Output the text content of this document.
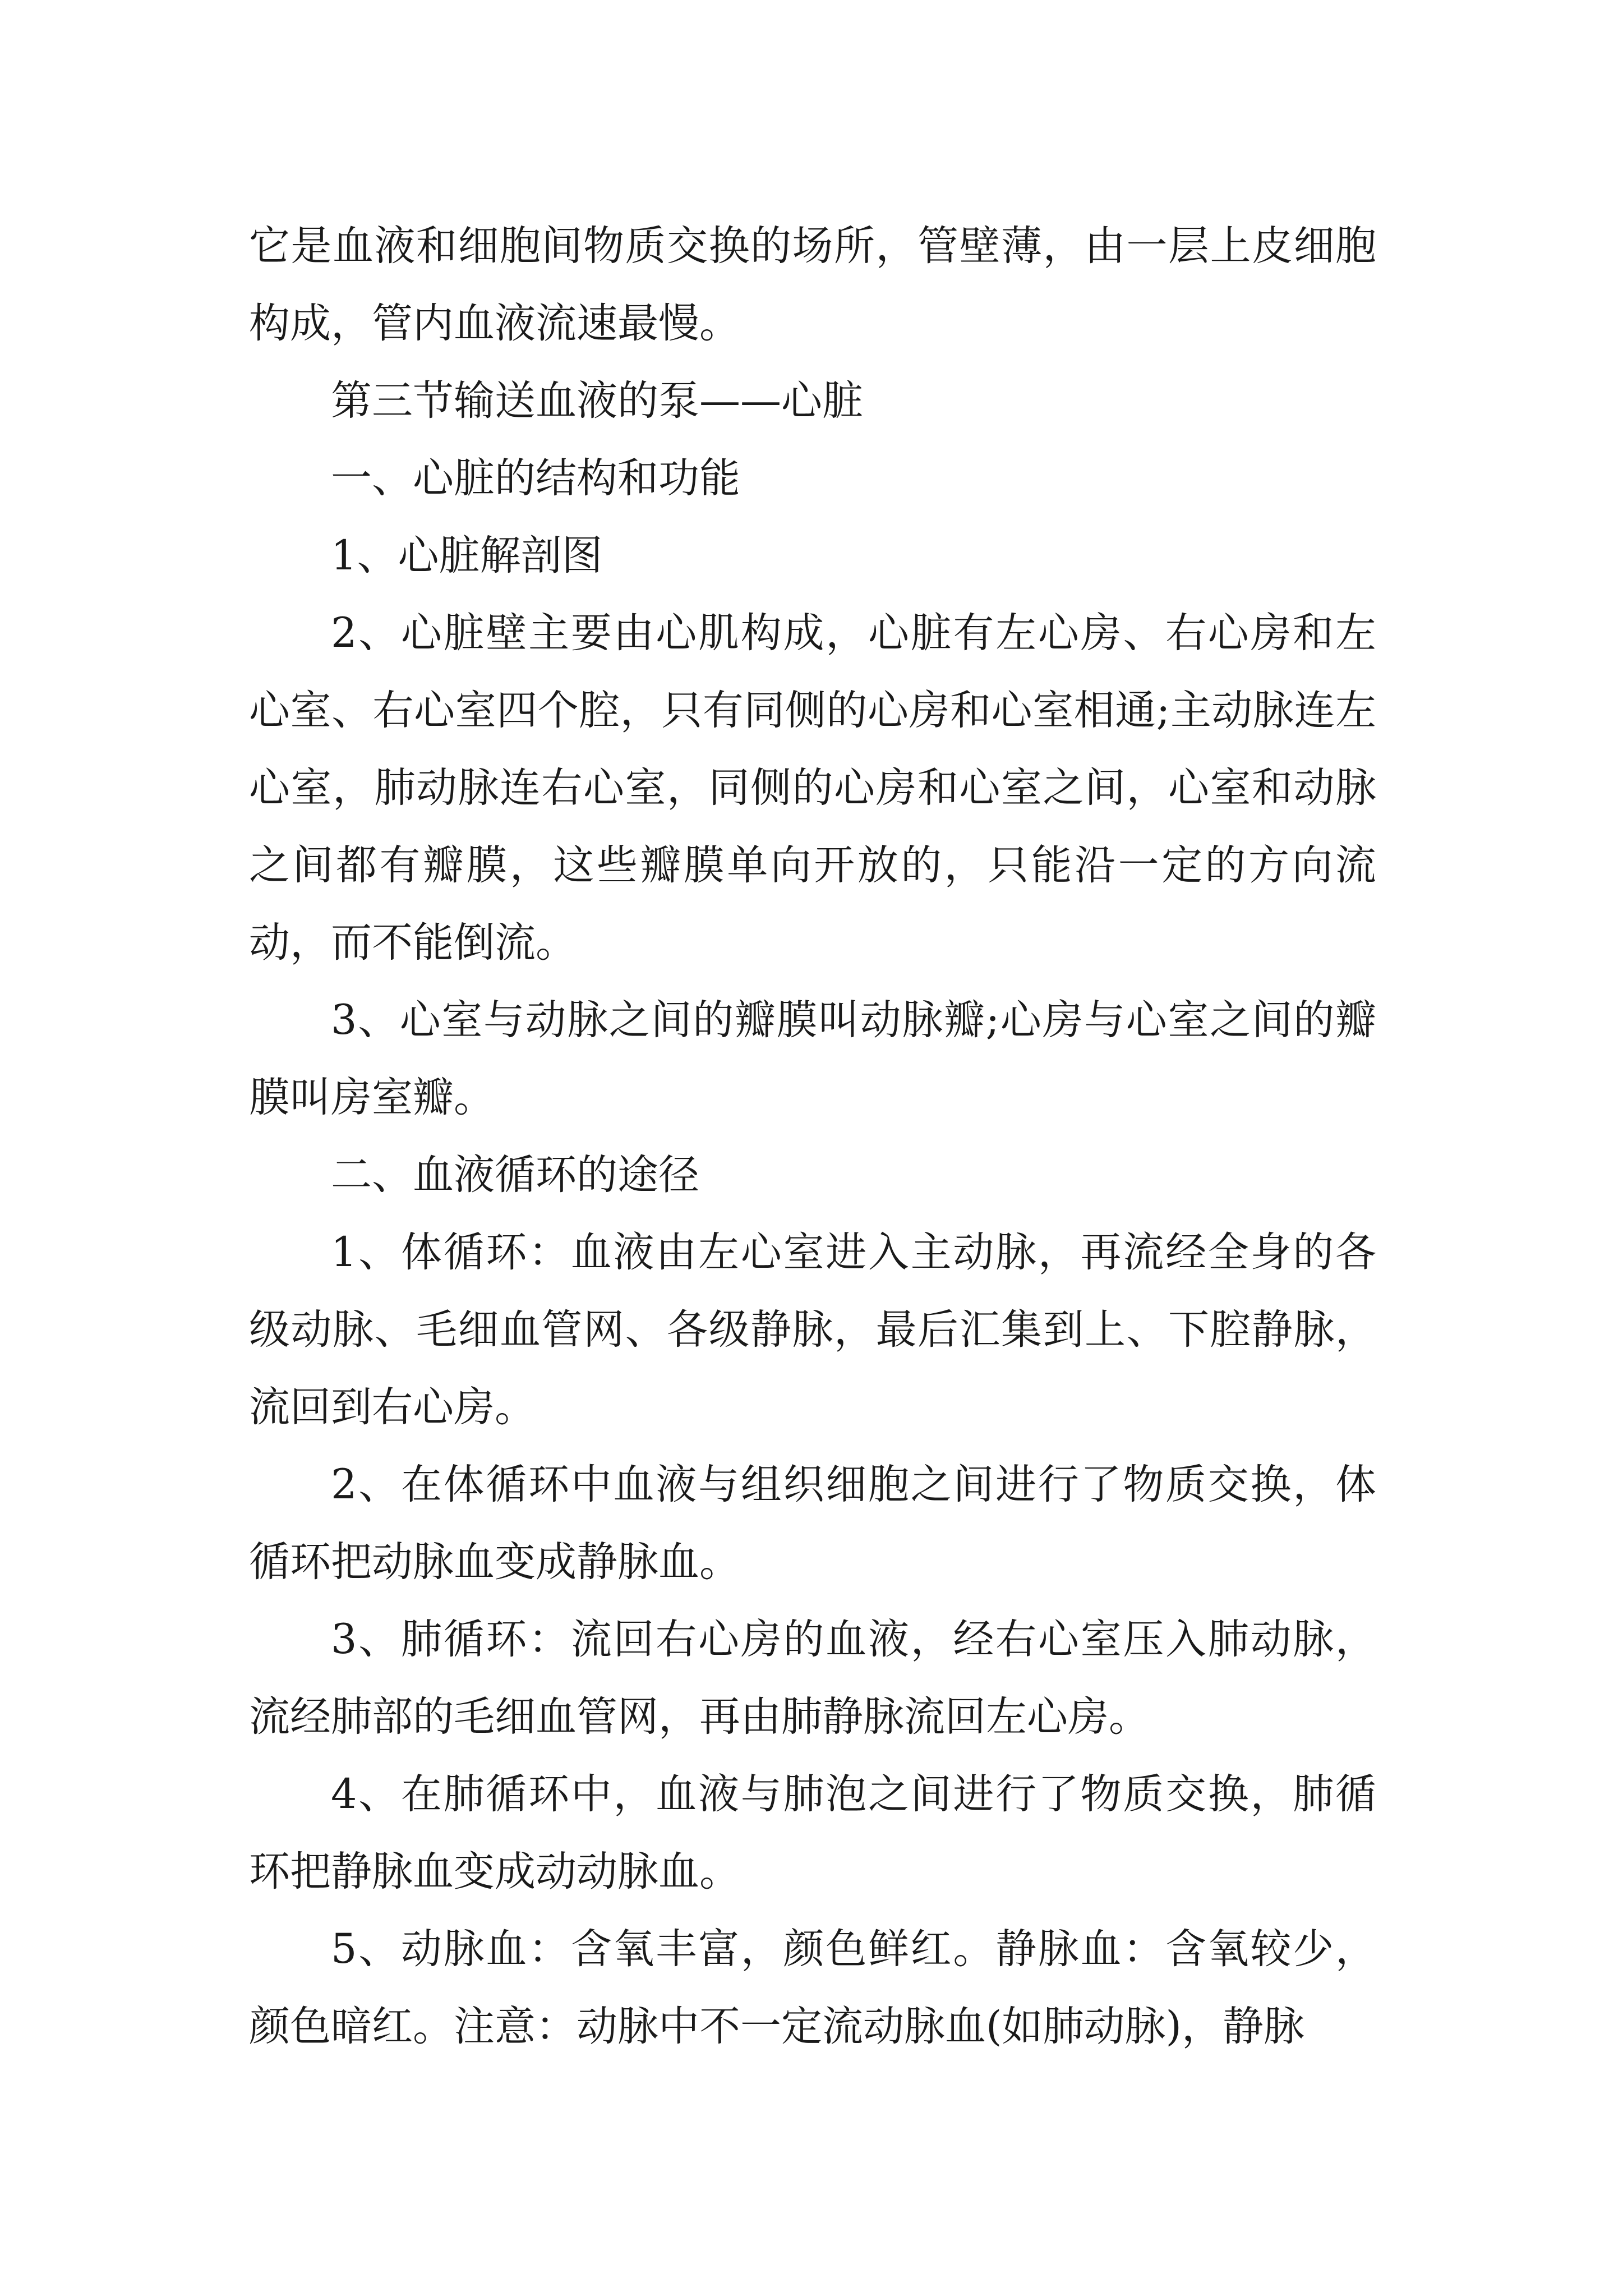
它是血液和细胞间物质交换的场所，管壁薄，由一层上皮细胞构成，管内血液流速最慢。

第三节输送血液的泵——心脏

一、心脏的结构和功能

1、心脏解剖图

2、心脏壁主要由心肌构成，心脏有左心房、右心房和左心室、右心室四个腔，只有同侧的心房和心室相通;主动脉连左心室，肺动脉连右心室，同侧的心房和心室之间，心室和动脉之间都有瓣膜，这些瓣膜单向开放的，只能沿一定的方向流动，而不能倒流。

3、心室与动脉之间的瓣膜叫动脉瓣;心房与心室之间的瓣膜叫房室瓣。

二、血液循环的途径

1、体循环：血液由左心室进入主动脉，再流经全身的各级动脉、毛细血管网、各级静脉，最后汇集到上、下腔静脉，流回到右心房。

2、在体循环中血液与组织细胞之间进行了物质交换，体循环把动脉血变成静脉血。

3、肺循环：流回右心房的血液，经右心室压入肺动脉，流经肺部的毛细血管网，再由肺静脉流回左心房。

4、在肺循环中，血液与肺泡之间进行了物质交换，肺循环把静脉血变成动动脉血。

5、动脉血：含氧丰富，颜色鲜红。静脉血：含氧较少，颜色暗红。注意：动脉中不一定流动脉血(如肺动脉)，静脉
